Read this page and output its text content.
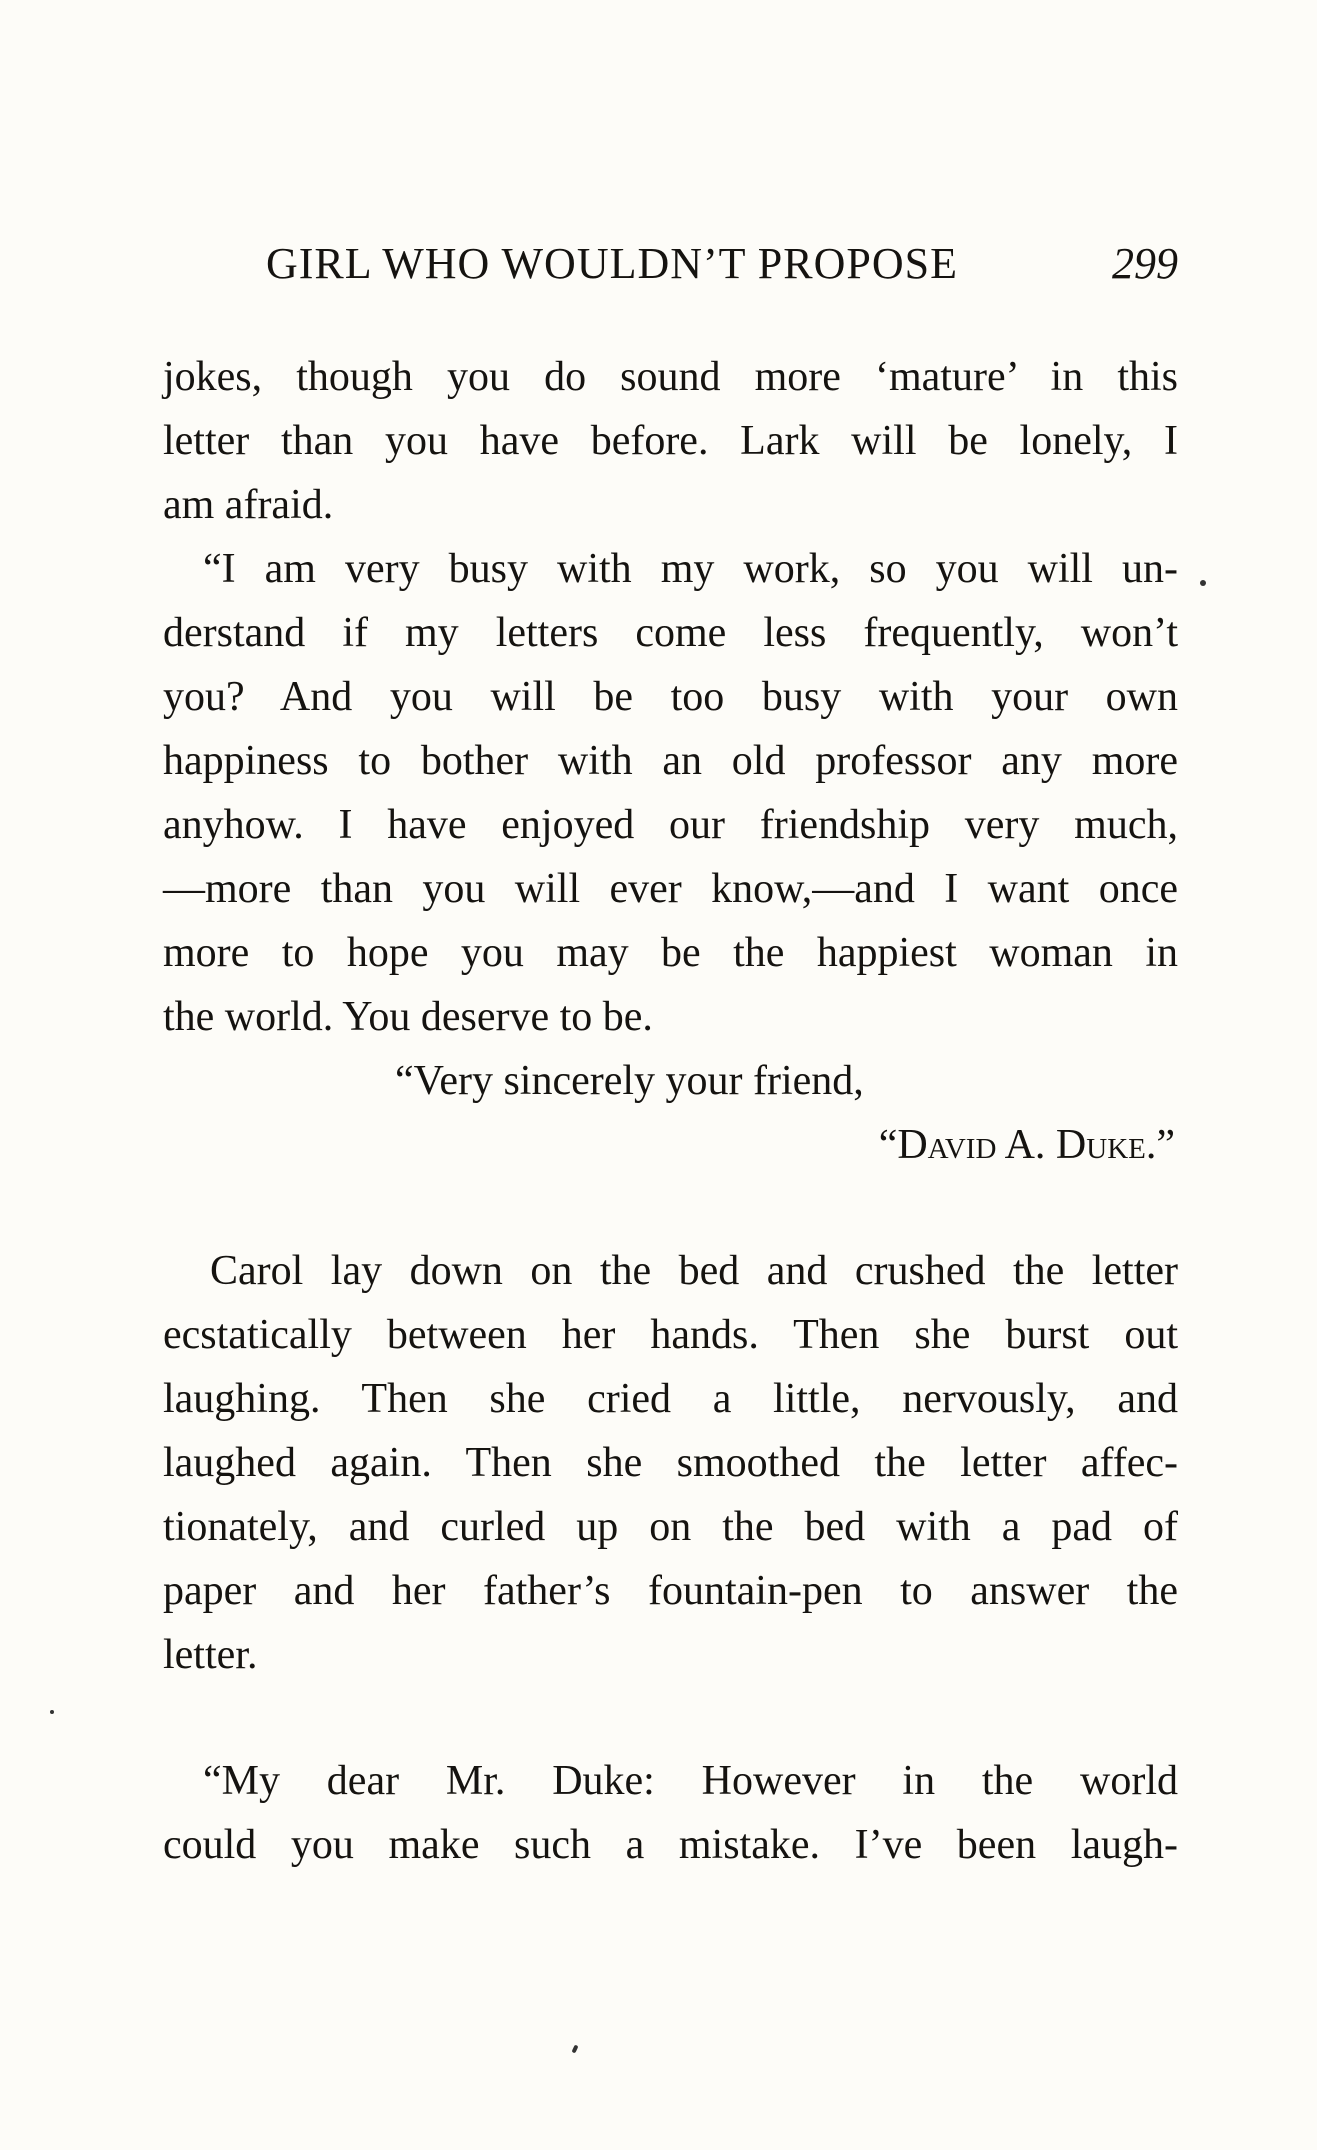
GIRL WHO WOULDN’T PROPOSE	299
jokes, though you do sound more ‘mature’ in this
letter than you have before. Lark will be lonely, I
am afraid.
“I am very busy with my work, so you will un-
derstand if my letters come less frequently, won’t
you? And you will be too busy with your own
happiness to bother with an old professor any more
anyhow. I have enjoyed our friendship very much,
—more than you will ever know,—and I want once
more to hope you may be the happiest woman in
the world. You deserve to be.
“Very sincerely your friend,
“David A. Duke.”
Carol lay down on the bed and crushed the letter
ecstatically between her hands. Then she burst out
laughing. Then she cried a little, nervously, and
laughed again. Then she smoothed the letter affec-
tionately, and curled up on the bed with a pad of
paper and her father’s fountain-pen to answer the
letter.
“My dear Mr. Duke: However in the world
could you make such a mistake. I’ve been laugh-
